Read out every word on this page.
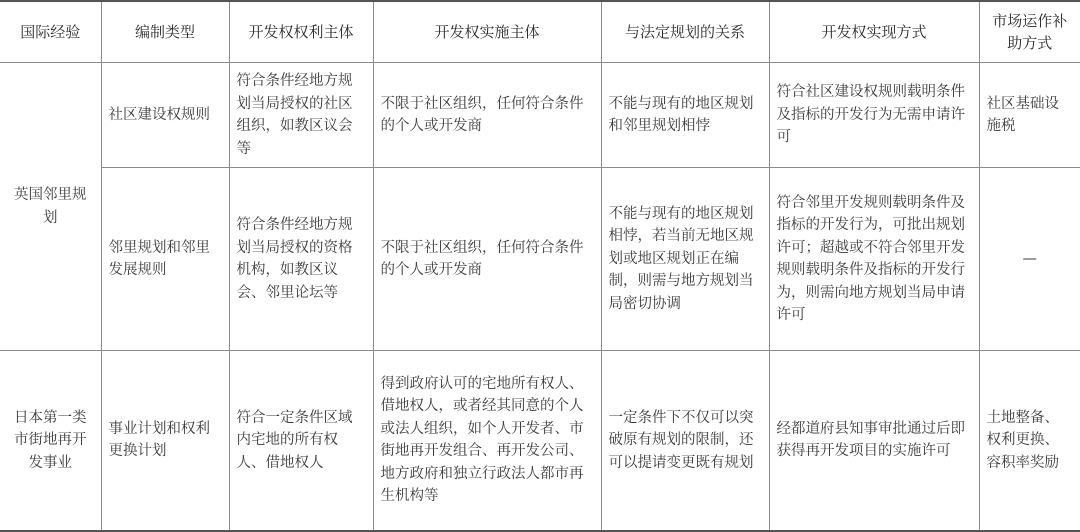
国际经验	编制类型	开发权权利主体	开发权实施主体	与法定规划的关系	开发权实现方式	市场运作补助方式
英国邻里规划	社区建设权规则	符合条件经地方规划当局授权的社区组织，如教区议会等	不限于社区组织，任何符合条件的个人或开发商	不能与现有的地区规划和邻里规划相悖	符合社区建设权规则载明条件及指标的开发行为无需申请许可	社区基础设施税
	邻里规划和邻里发展规则	符合条件经地方规划当局授权的资格机构，如教区议会、邻里论坛等	不限于社区组织，任何符合条件的个人或开发商	不能与现有的地区规划相悖，若当前无地区规划或地区规划正在编制，则需与地方规划当局密切协调	符合邻里开发规则载明条件及指标的开发行为，可批出规划许可；超越或不符合邻里开发规则载明条件及指标的开发行为，则需向地方规划当局申请许可	—
日本第一类市街地再开发事业	事业计划和权利更换计划	符合一定条件区域内宅地的所有权人、借地权人	得到政府认可的宅地所有权人、借地权人，或者经其同意的个人或法人组织，如个人开发者、市街地再开发组合、再开发公司、地方政府和独立行政法人都市再生机构等	一定条件下不仅可以突破原有规划的限制，还可以提请变更既有规划	经都道府县知事审批通过后即获得再开发项目的实施许可	土地整备、权利更换、容积率奖励
